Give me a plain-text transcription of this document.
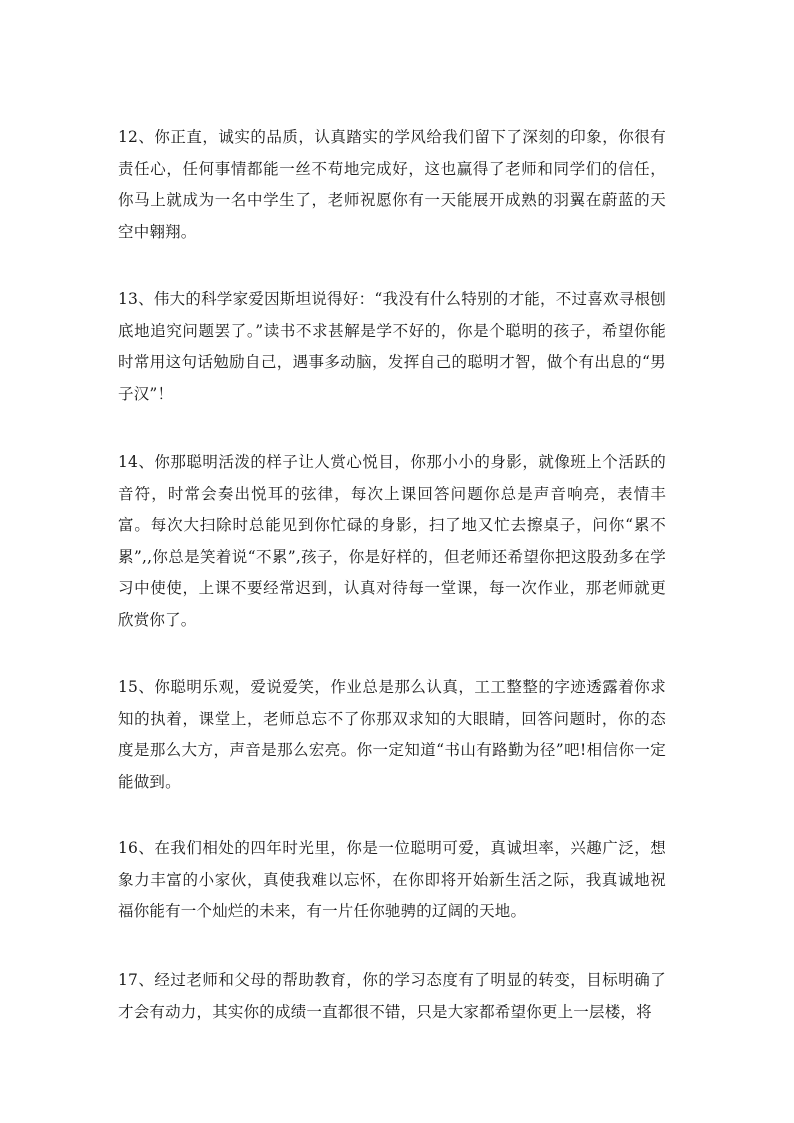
12、你正直，诚实的品质，认真踏实的学风给我们留下了深刻的印象，你很有责任心，任何事情都能一丝不苟地完成好，这也赢得了老师和同学们的信任，你马上就成为一名中学生了，老师祝愿你有一天能展开成熟的羽翼在蔚蓝的天空中翱翔。

13、伟大的科学家爱因斯坦说得好：“我没有什么特别的才能，不过喜欢寻根刨底地追究问题罢了。”读书不求甚解是学不好的，你是个聪明的孩子，希望你能时常用这句话勉励自己，遇事多动脑，发挥自己的聪明才智，做个有出息的“男子汉”！

14、你那聪明活泼的样子让人赏心悦目，你那小小的身影，就像班上个活跃的音符，时常会奏出悦耳的弦律，每次上课回答问题你总是声音响亮，表情丰富。每次大扫除时总能见到你忙碌的身影，扫了地又忙去擦桌子，问你“累不累”,,你总是笑着说“不累”,孩子，你是好样的，但老师还希望你把这股劲多在学习中使使，上课不要经常迟到，认真对待每一堂课，每一次作业，那老师就更欣赏你了。

15、你聪明乐观，爱说爱笑，作业总是那么认真，工工整整的字迹透露着你求知的执着，课堂上，老师总忘不了你那双求知的大眼睛，回答问题时，你的态度是那么大方，声音是那么宏亮。你一定知道“书山有路勤为径”吧!相信你一定能做到。

16、在我们相处的四年时光里，你是一位聪明可爱，真诚坦率，兴趣广泛，想象力丰富的小家伙，真使我难以忘怀，在你即将开始新生活之际，我真诚地祝福你能有一个灿烂的未来，有一片任你驰骋的辽阔的天地。

17、经过老师和父母的帮助教育，你的学习态度有了明显的转变，目标明确了才会有动力，其实你的成绩一直都很不错，只是大家都希望你更上一层楼，将
